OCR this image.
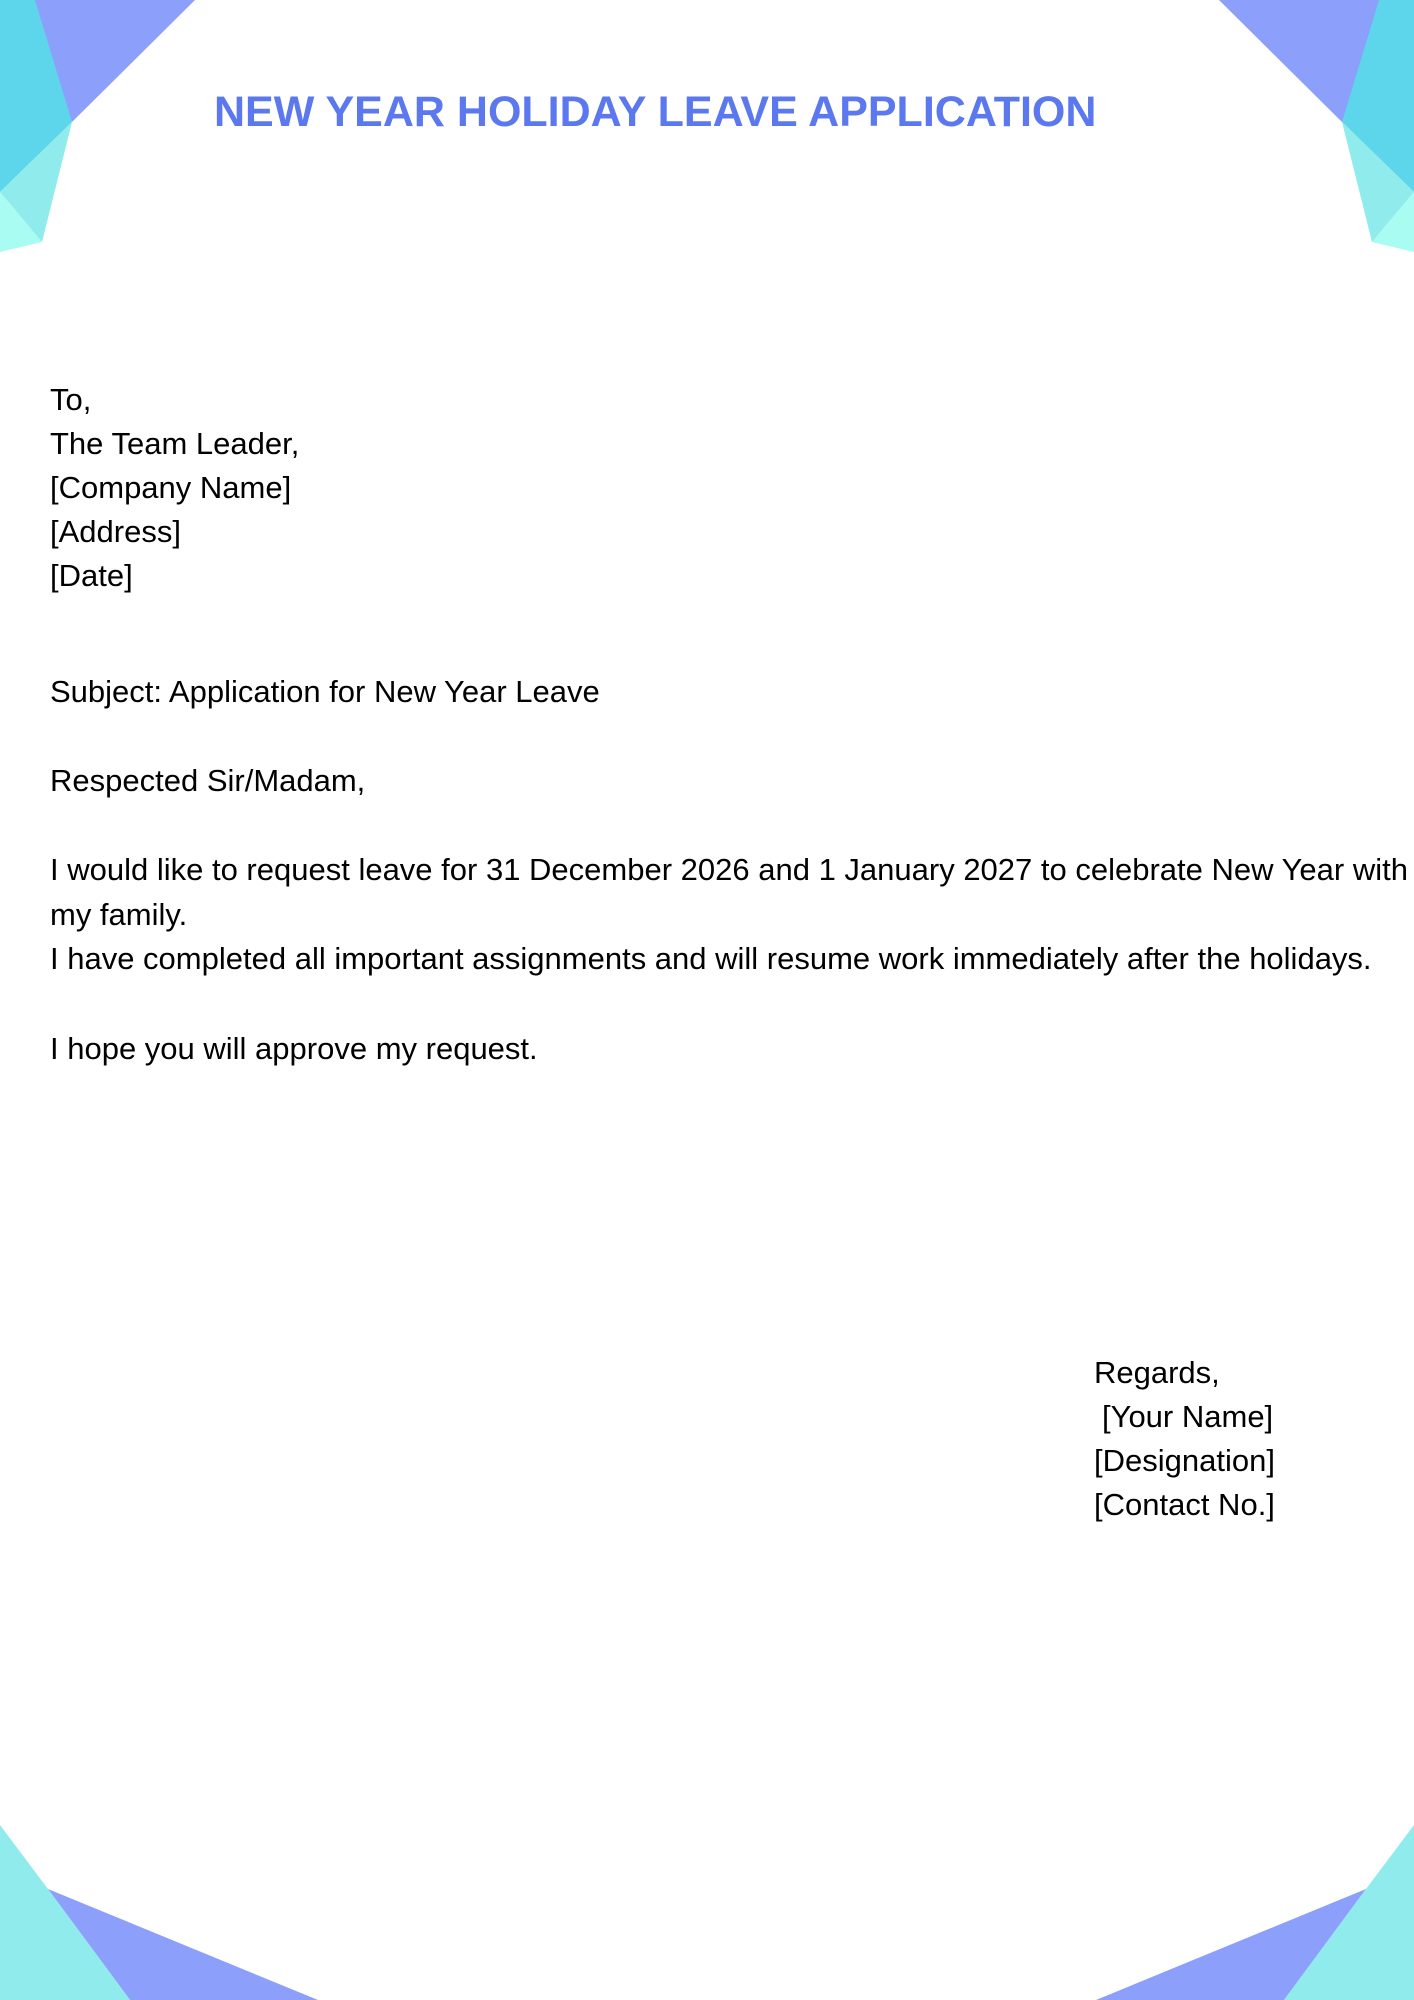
NEW YEAR HOLIDAY LEAVE APPLICATION

To,

The Team Leader,

[Company Name]

[Address]

[Date]

Subject: Application for New Year Leave

Respected Sir/Madam,

I would like to request leave for 31 December 2026 and 1 January 2027 to celebrate New Year with

my family.

I have completed all important assignments and will resume work immediately after the holidays.

I hope you will approve my request.

Regards,

[Your Name]

[Designation]

[Contact No.]
